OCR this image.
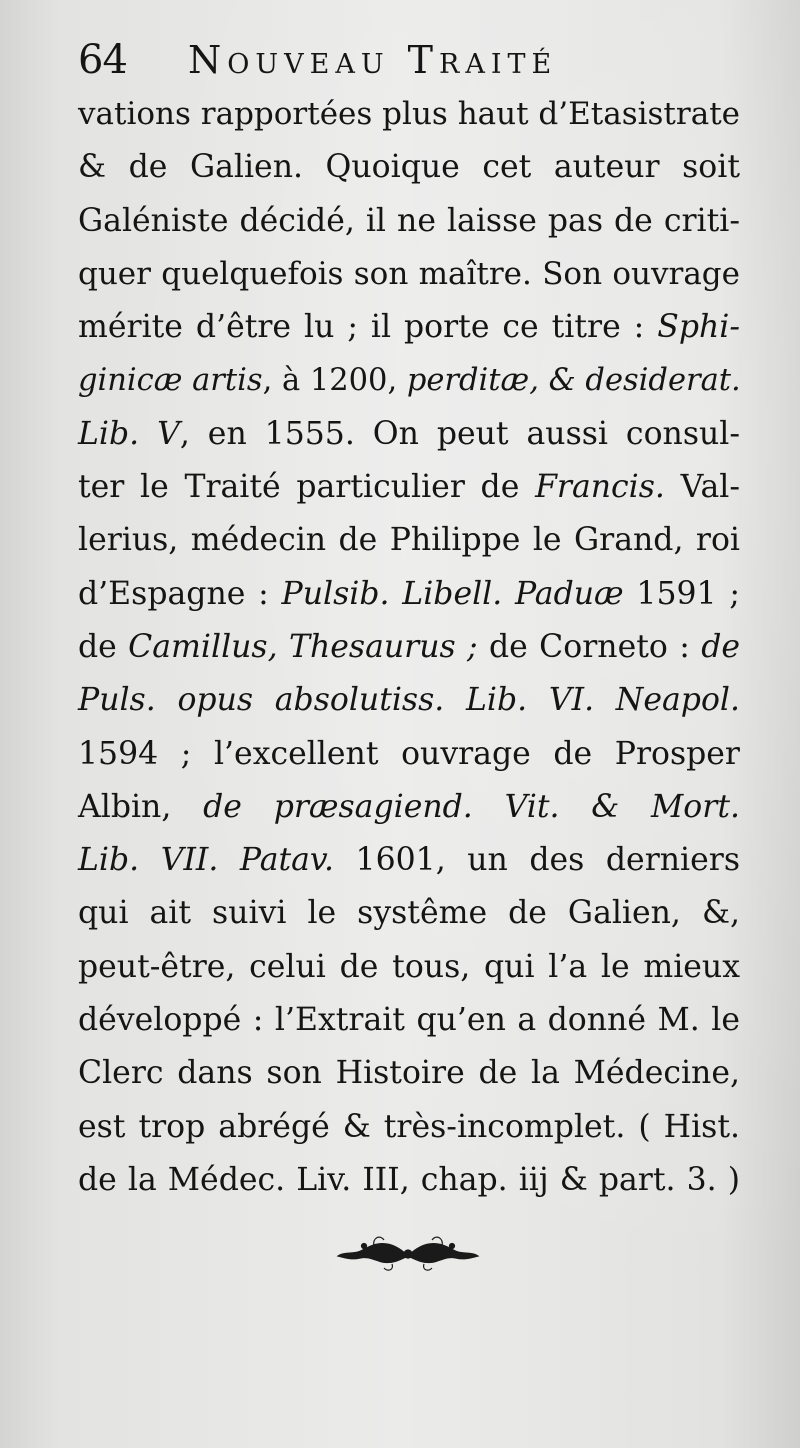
64 Nouveau Traité
vations rapportées plus haut d’Etasistrate
& de Galien. Quoique cet auteur soit
Galéniste décidé, il ne laisse pas de criti-
quer quelquefois son maître. Son ouvrage
mérite d’être lu ; il porte ce titre : Sphi-
ginicæ artis, à 1200, perditæ, & desiderat.
Lib. V, en 1555. On peut aussi consul-
ter le Traité particulier de Francis. Val-
lerius, médecin de Philippe le Grand, roi
d’Espagne : Pulsib. Libell. Paduæ 1591 ;
de Camillus, Thesaurus ; de Corneto : de
Puls. opus absolutiss. Lib. VI. Neapol.
1594 ; l’excellent ouvrage de Prosper
Albin, de præsagiend. Vit. & Mort.
Lib. VII. Patav. 1601, un des derniers
qui ait suivi le systême de Galien, &,
peut-être, celui de tous, qui l’a le mieux
développé : l’Extrait qu’en a donné M. le
Clerc dans son Histoire de la Médecine,
est trop abrégé & très-incomplet. ( Hist.
de la Médec. Liv. III, chap. iij & part. 3. )
